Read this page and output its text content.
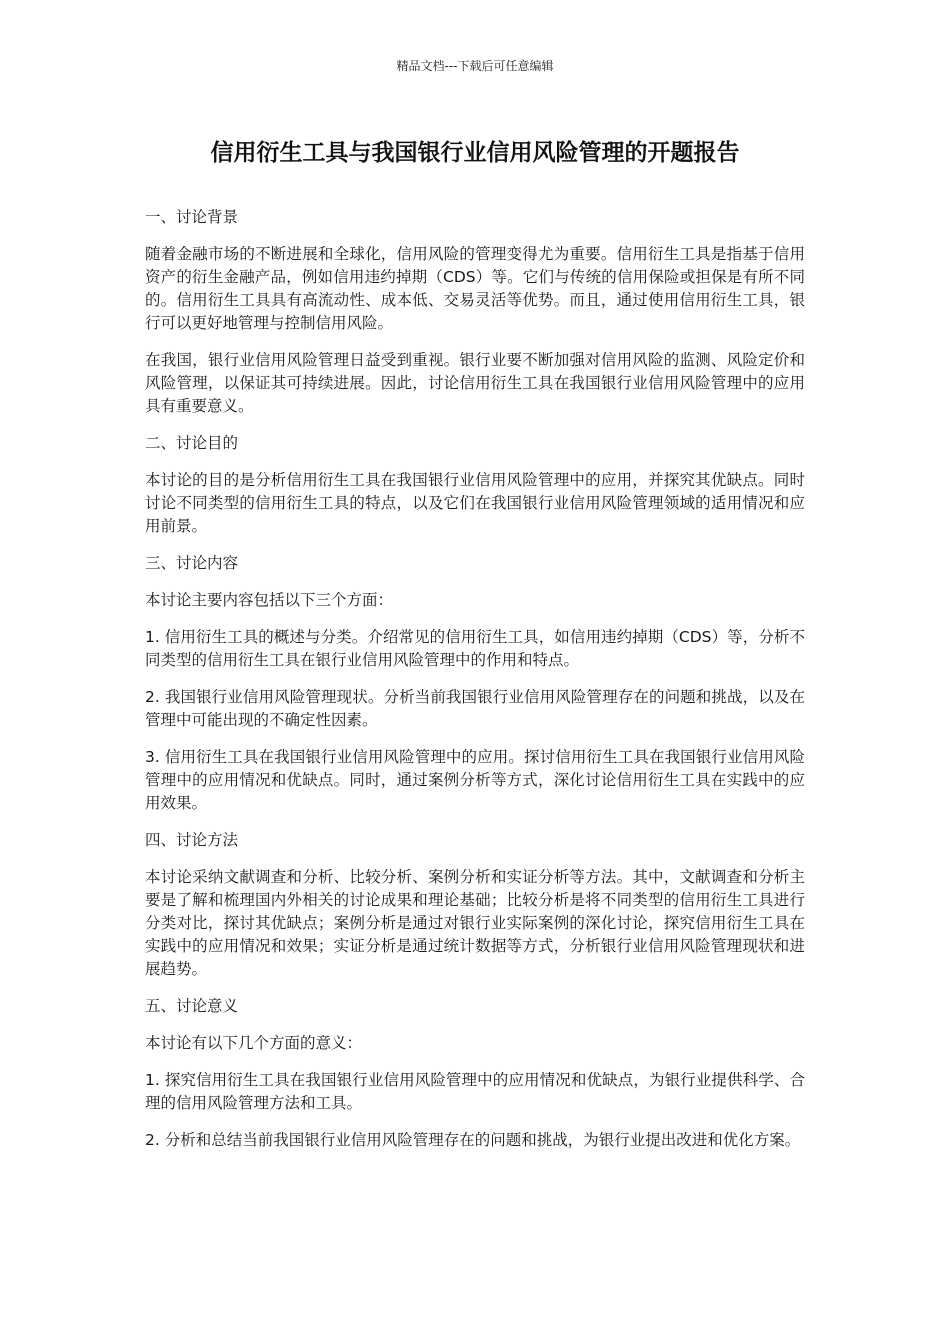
精品文档---下载后可任意编辑
信用衍生工具与我国银行业信用风险管理的开题报告
一、讨论背景

随着金融市场的不断进展和全球化，信用风险的管理变得尤为重要。信用衍生工具是指基于信用资产的衍生金融产品，例如信用违约掉期（CDS）等。它们与传统的信用保险或担保是有所不同的。信用衍生工具具有高流动性、成本低、交易灵活等优势。而且，通过使用信用衍生工具，银行可以更好地管理与控制信用风险。

在我国，银行业信用风险管理日益受到重视。银行业要不断加强对信用风险的监测、风险定价和风险管理，以保证其可持续进展。因此，讨论信用衍生工具在我国银行业信用风险管理中的应用具有重要意义。

二、讨论目的

本讨论的目的是分析信用衍生工具在我国银行业信用风险管理中的应用，并探究其优缺点。同时讨论不同类型的信用衍生工具的特点，以及它们在我国银行业信用风险管理领域的适用情况和应用前景。

三、讨论内容

本讨论主要内容包括以下三个方面：

1. 信用衍生工具的概述与分类。介绍常见的信用衍生工具，如信用违约掉期（CDS）等，分析不同类型的信用衍生工具在银行业信用风险管理中的作用和特点。

2. 我国银行业信用风险管理现状。分析当前我国银行业信用风险管理存在的问题和挑战，以及在管理中可能出现的不确定性因素。

3. 信用衍生工具在我国银行业信用风险管理中的应用。探讨信用衍生工具在我国银行业信用风险管理中的应用情况和优缺点。同时，通过案例分析等方式，深化讨论信用衍生工具在实践中的应用效果。

四、讨论方法

本讨论采纳文献调查和分析、比较分析、案例分析和实证分析等方法。其中，文献调查和分析主要是了解和梳理国内外相关的讨论成果和理论基础；比较分析是将不同类型的信用衍生工具进行分类对比，探讨其优缺点；案例分析是通过对银行业实际案例的深化讨论，探究信用衍生工具在实践中的应用情况和效果；实证分析是通过统计数据等方式，分析银行业信用风险管理现状和进展趋势。

五、讨论意义

本讨论有以下几个方面的意义：

1. 探究信用衍生工具在我国银行业信用风险管理中的应用情况和优缺点，为银行业提供科学、合理的信用风险管理方法和工具。

2. 分析和总结当前我国银行业信用风险管理存在的问题和挑战，为银行业提出改进和优化方案。
